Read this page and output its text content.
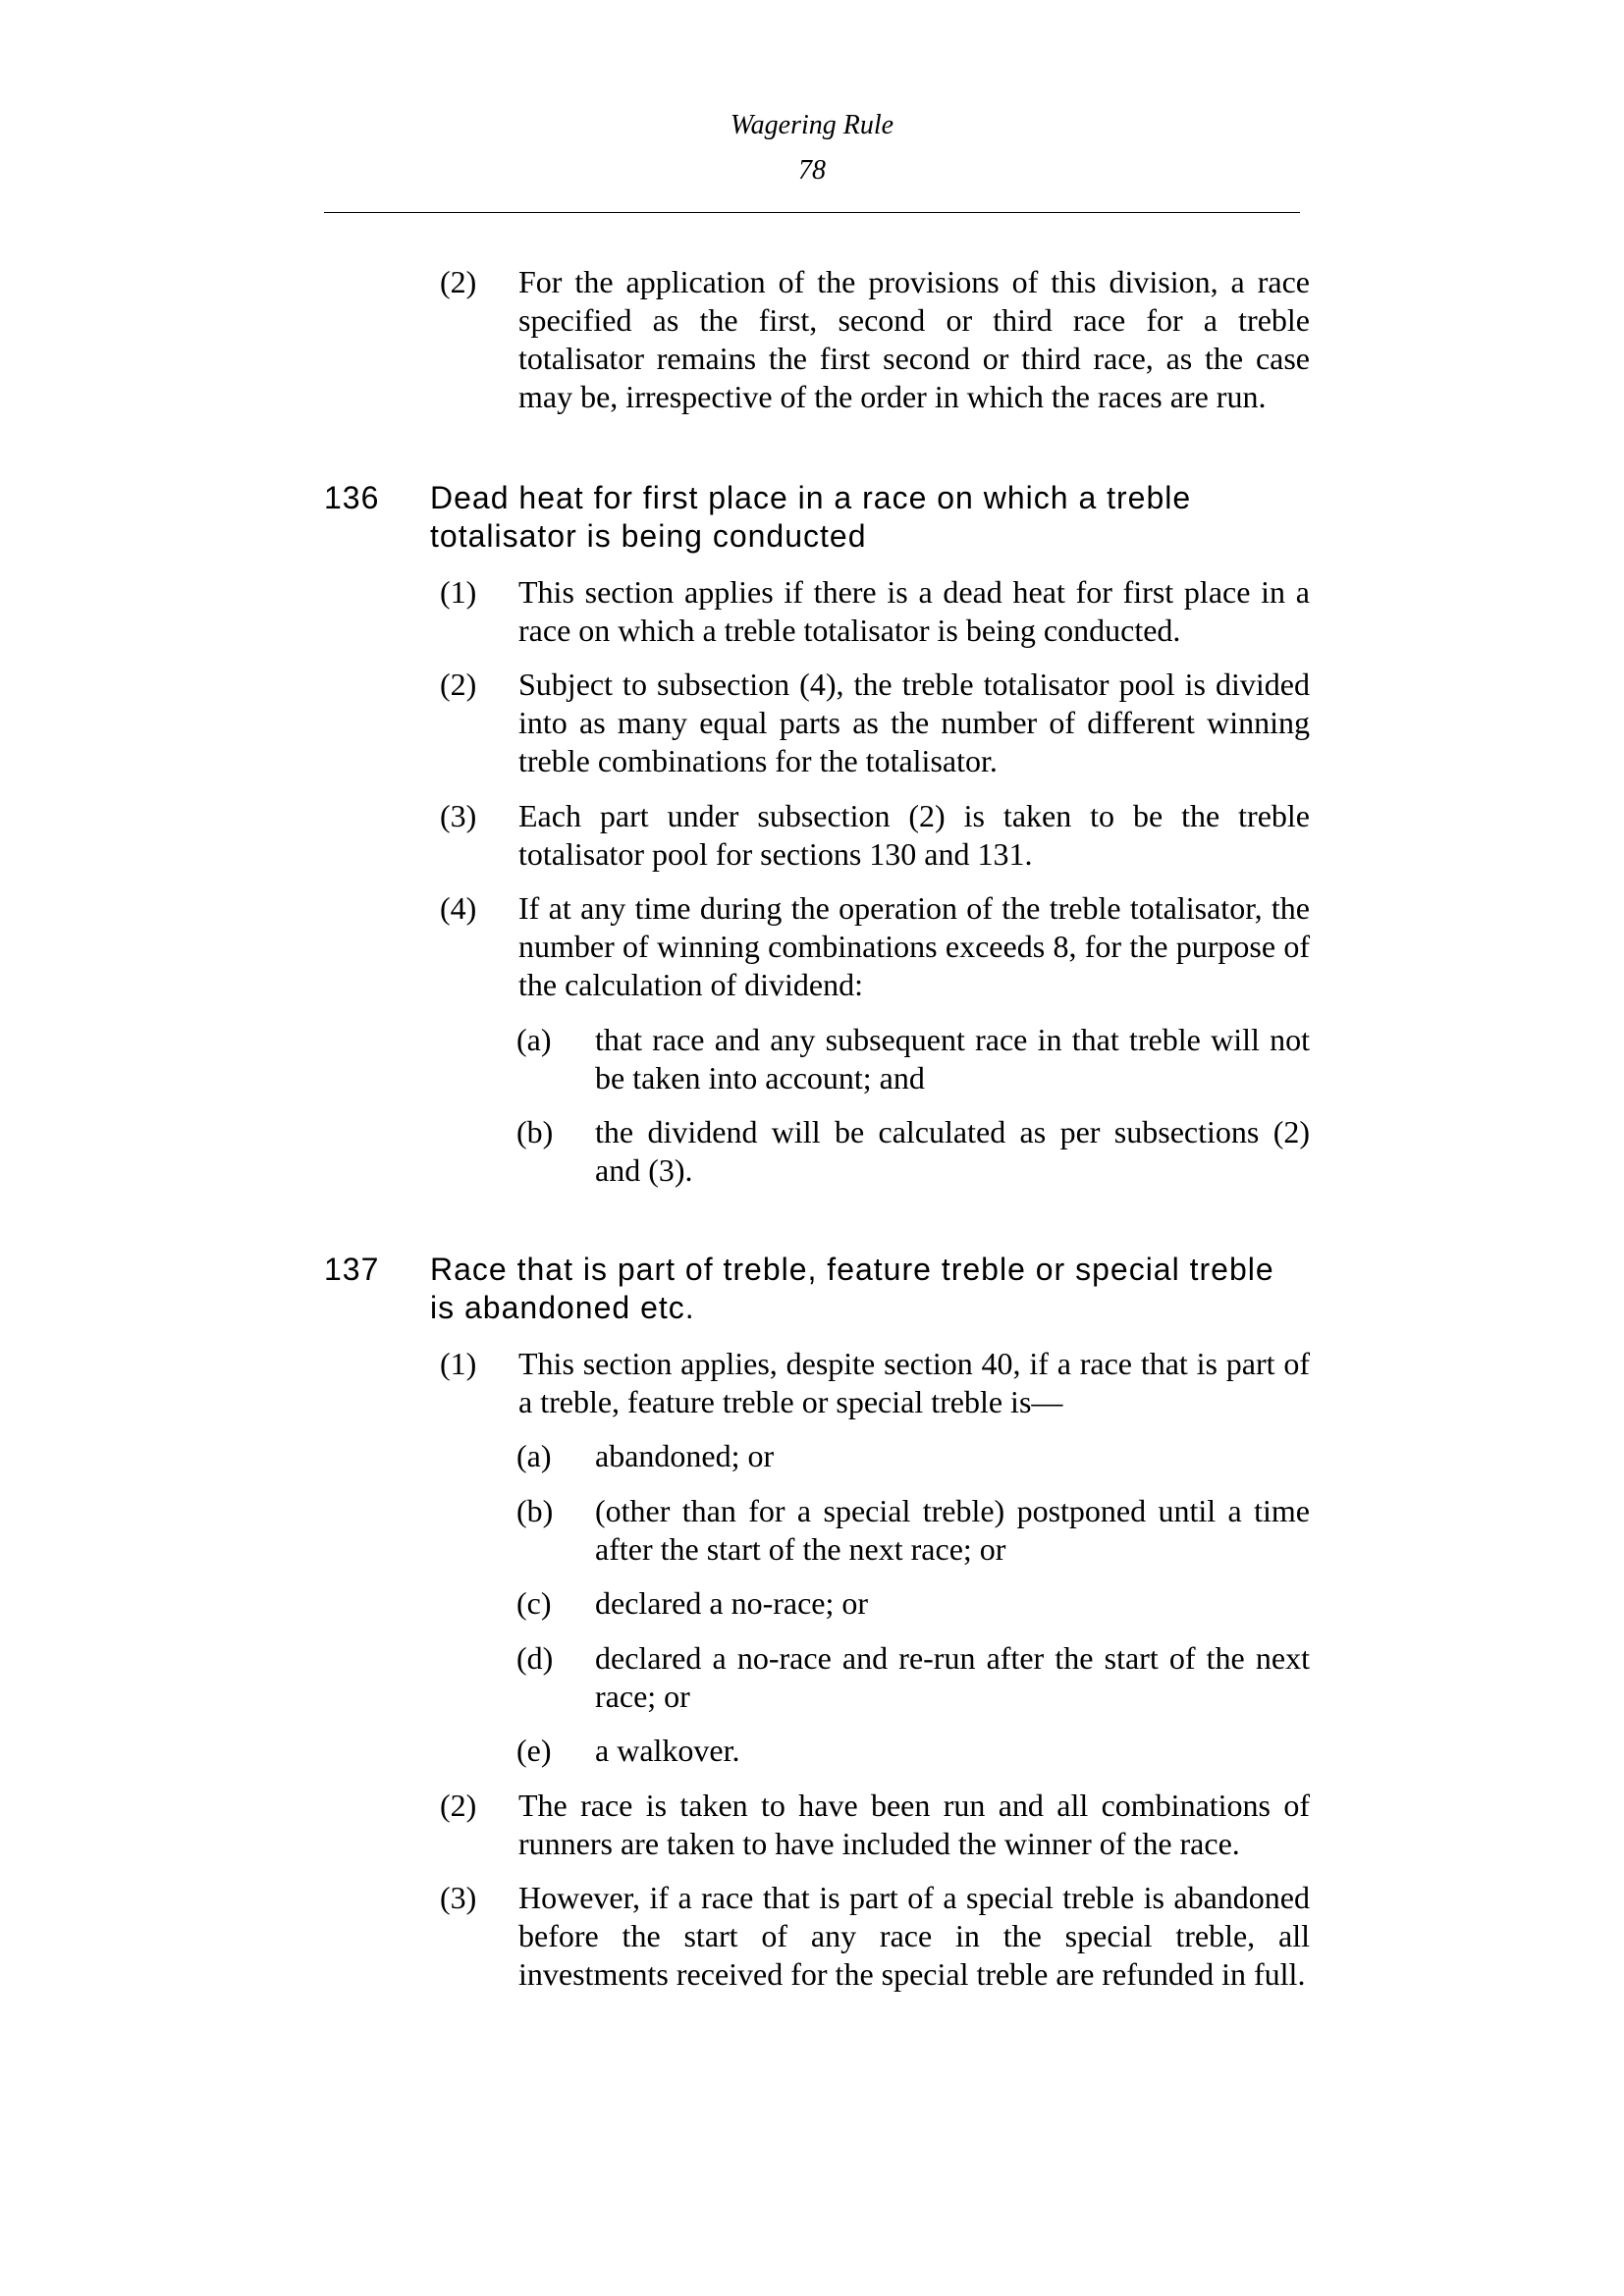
Wagering Rule
78
(2) For the application of the provisions of this division, a race specified as the first, second or third race for a treble totalisator remains the first second or third race, as the case may be, irrespective of the order in which the races are run.
136 Dead heat for first place in a race on which a treble totalisator is being conducted
(1) This section applies if there is a dead heat for first place in a race on which a treble totalisator is being conducted.
(2) Subject to subsection (4), the treble totalisator pool is divided into as many equal parts as the number of different winning treble combinations for the totalisator.
(3) Each part under subsection (2) is taken to be the treble totalisator pool for sections 130 and 131.
(4) If at any time during the operation of the treble totalisator, the number of winning combinations exceeds 8, for the purpose of the calculation of dividend:
(a) that race and any subsequent race in that treble will not be taken into account; and
(b) the dividend will be calculated as per subsections (2) and (3).
137 Race that is part of treble, feature treble or special treble is abandoned etc.
(1) This section applies, despite section 40, if a race that is part of a treble, feature treble or special treble is—
(a) abandoned; or
(b) (other than for a special treble) postponed until a time after the start of the next race; or
(c) declared a no-race; or
(d) declared a no-race and re-run after the start of the next race; or
(e) a walkover.
(2) The race is taken to have been run and all combinations of runners are taken to have included the winner of the race.
(3) However, if a race that is part of a special treble is abandoned before the start of any race in the special treble, all investments received for the special treble are refunded in full.
